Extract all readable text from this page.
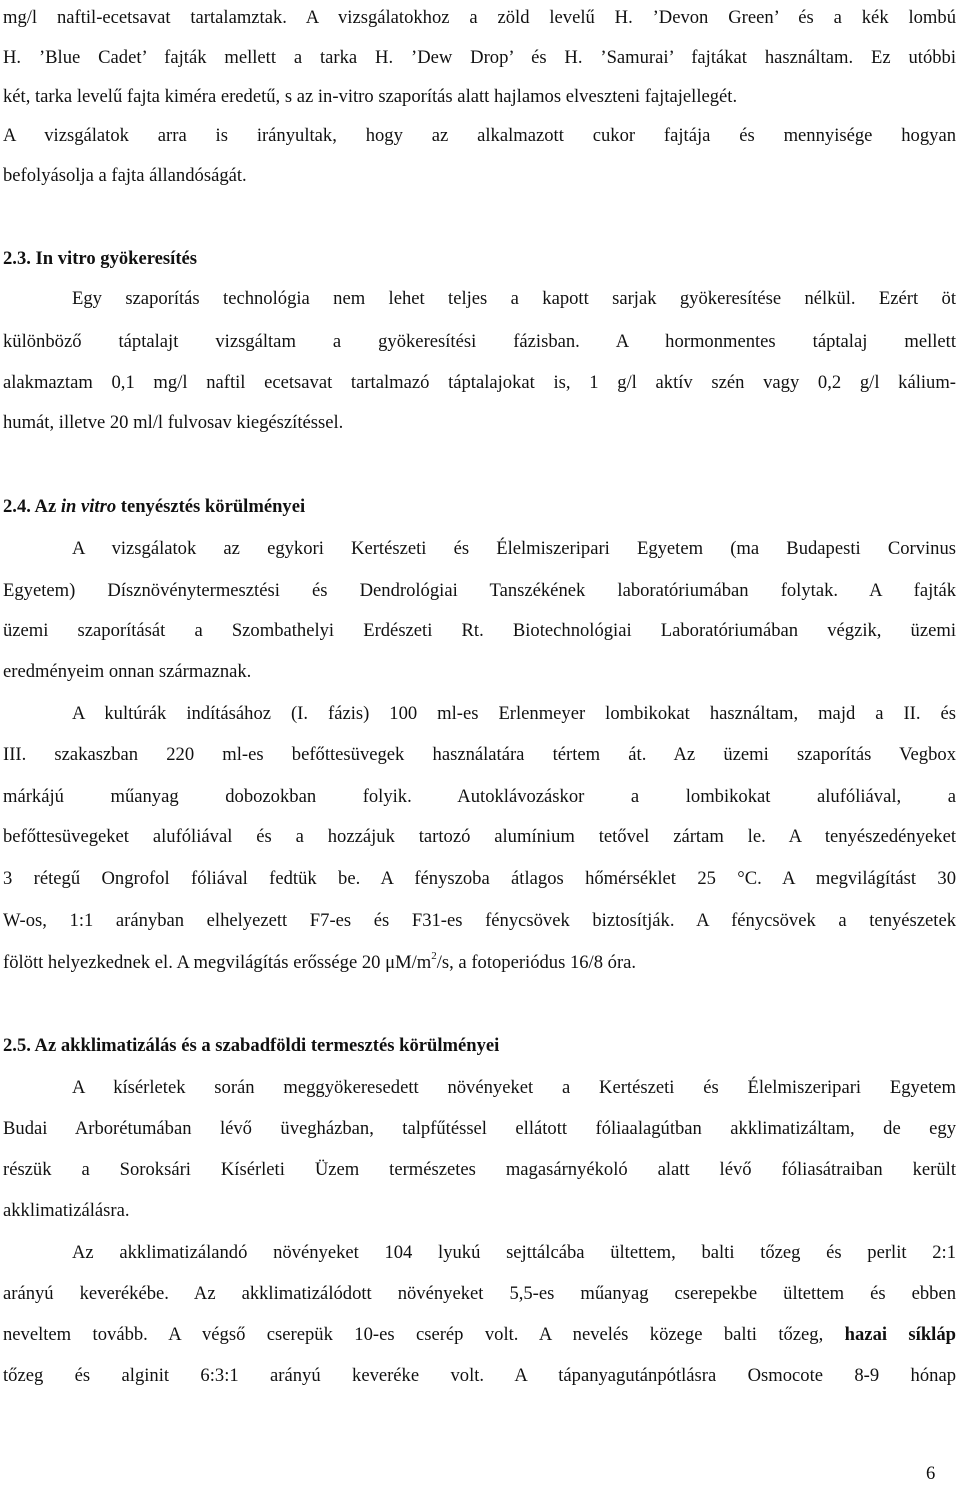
mg/l naftil-ecetsavat tartalamztak. A vizsgálatokhoz a zöld levelű H. ’Devon Green’ és a kék lombú
H. ’Blue Cadet’ fajták mellett a tarka H. ’Dew Drop’ és H. ’Samurai’ fajtákat használtam. Ez utóbbi
két, tarka levelű fajta kiméra eredetű, s az in-vitro szaporítás alatt hajlamos elveszteni fajtajellegét.
A vizsgálatok arra is irányultak, hogy az alkalmazott cukor fajtája és mennyisége hogyan
befolyásolja a fajta állandóságát.
2.3. In vitro gyökeresítés
Egy szaporítás technológia nem lehet teljes a kapott sarjak gyökeresítése nélkül. Ezért öt
különböző táptalajt vizsgáltam a gyökeresítési fázisban. A hormonmentes táptalaj mellett
alakmaztam 0,1 mg/l naftil ecetsavat tartalmazó táptalajokat is, 1 g/l aktív szén vagy 0,2 g/l kálium-
humát, illetve 20 ml/l fulvosav kiegészítéssel.
2.4. Az in vitro tenyésztés körülményei
A vizsgálatok az egykori Kertészeti és Élelmiszeripari Egyetem (ma Budapesti Corvinus
Egyetem) Dísznövénytermesztési és Dendrológiai Tanszékének laboratóriumában folytak. A fajták
üzemi szaporítását a Szombathelyi Erdészeti Rt. Biotechnológiai Laboratóriumában végzik, üzemi
eredményeim onnan származnak.
A kultúrák indításához (I. fázis) 100 ml-es Erlenmeyer lombikokat használtam, majd a II. és
III. szakaszban 220 ml-es befőttesüvegek használatára tértem át. Az üzemi szaporítás Vegbox
márkájú műanyag dobozokban folyik. Autoklávozáskor a lombikokat alufóliával, a
befőttesüvegeket alufóliával és a hozzájuk tartozó alumínium tetővel zártam le. A tenyészedényeket
3 rétegű Ongrofol fóliával fedtük be. A fényszoba átlagos hőmérséklet 25 °C. A megvilágítást 30
W-os, 1:1 arányban elhelyezett F7-es és F31-es fénycsövek biztosítják. A fénycsövek a tenyészetek
fölött helyezkednek el. A megvilágítás erőssége 20 $\mu M/m^2/s$, a fotoperiódus 16/8 óra.
2.5. Az akklimatizálás és a szabadföldi termesztés körülményei
A kísérletek során meggyökeresedett növényeket a Kertészeti és Élelmiszeripari Egyetem
Budai Arborétumában lévő üvegházban, talpfűtéssel ellátott fóliaalagútban akklimatizáltam, de egy
részük a Soroksári Kísérleti Üzem természetes magasárnyékoló alatt lévő fóliasátraiban került
akklimatizálásra.
Az akklimatizálandó növényeket 104 lyukú sejttálcába ültettem, balti tőzeg és perlit 2:1
arányú keverékébe. Az akklimatizálódott növényeket 5,5-es műanyag cserepekbe ültettem és ebben
neveltem tovább. A végső cserepük 10-es cserép volt. A nevelés közege balti tőzeg, hazai síkláp
tőzeg és alginit 6:3:1 arányú keveréke volt. A tápanyagutánpótlásra Osmocote 8-9 hónap
6
